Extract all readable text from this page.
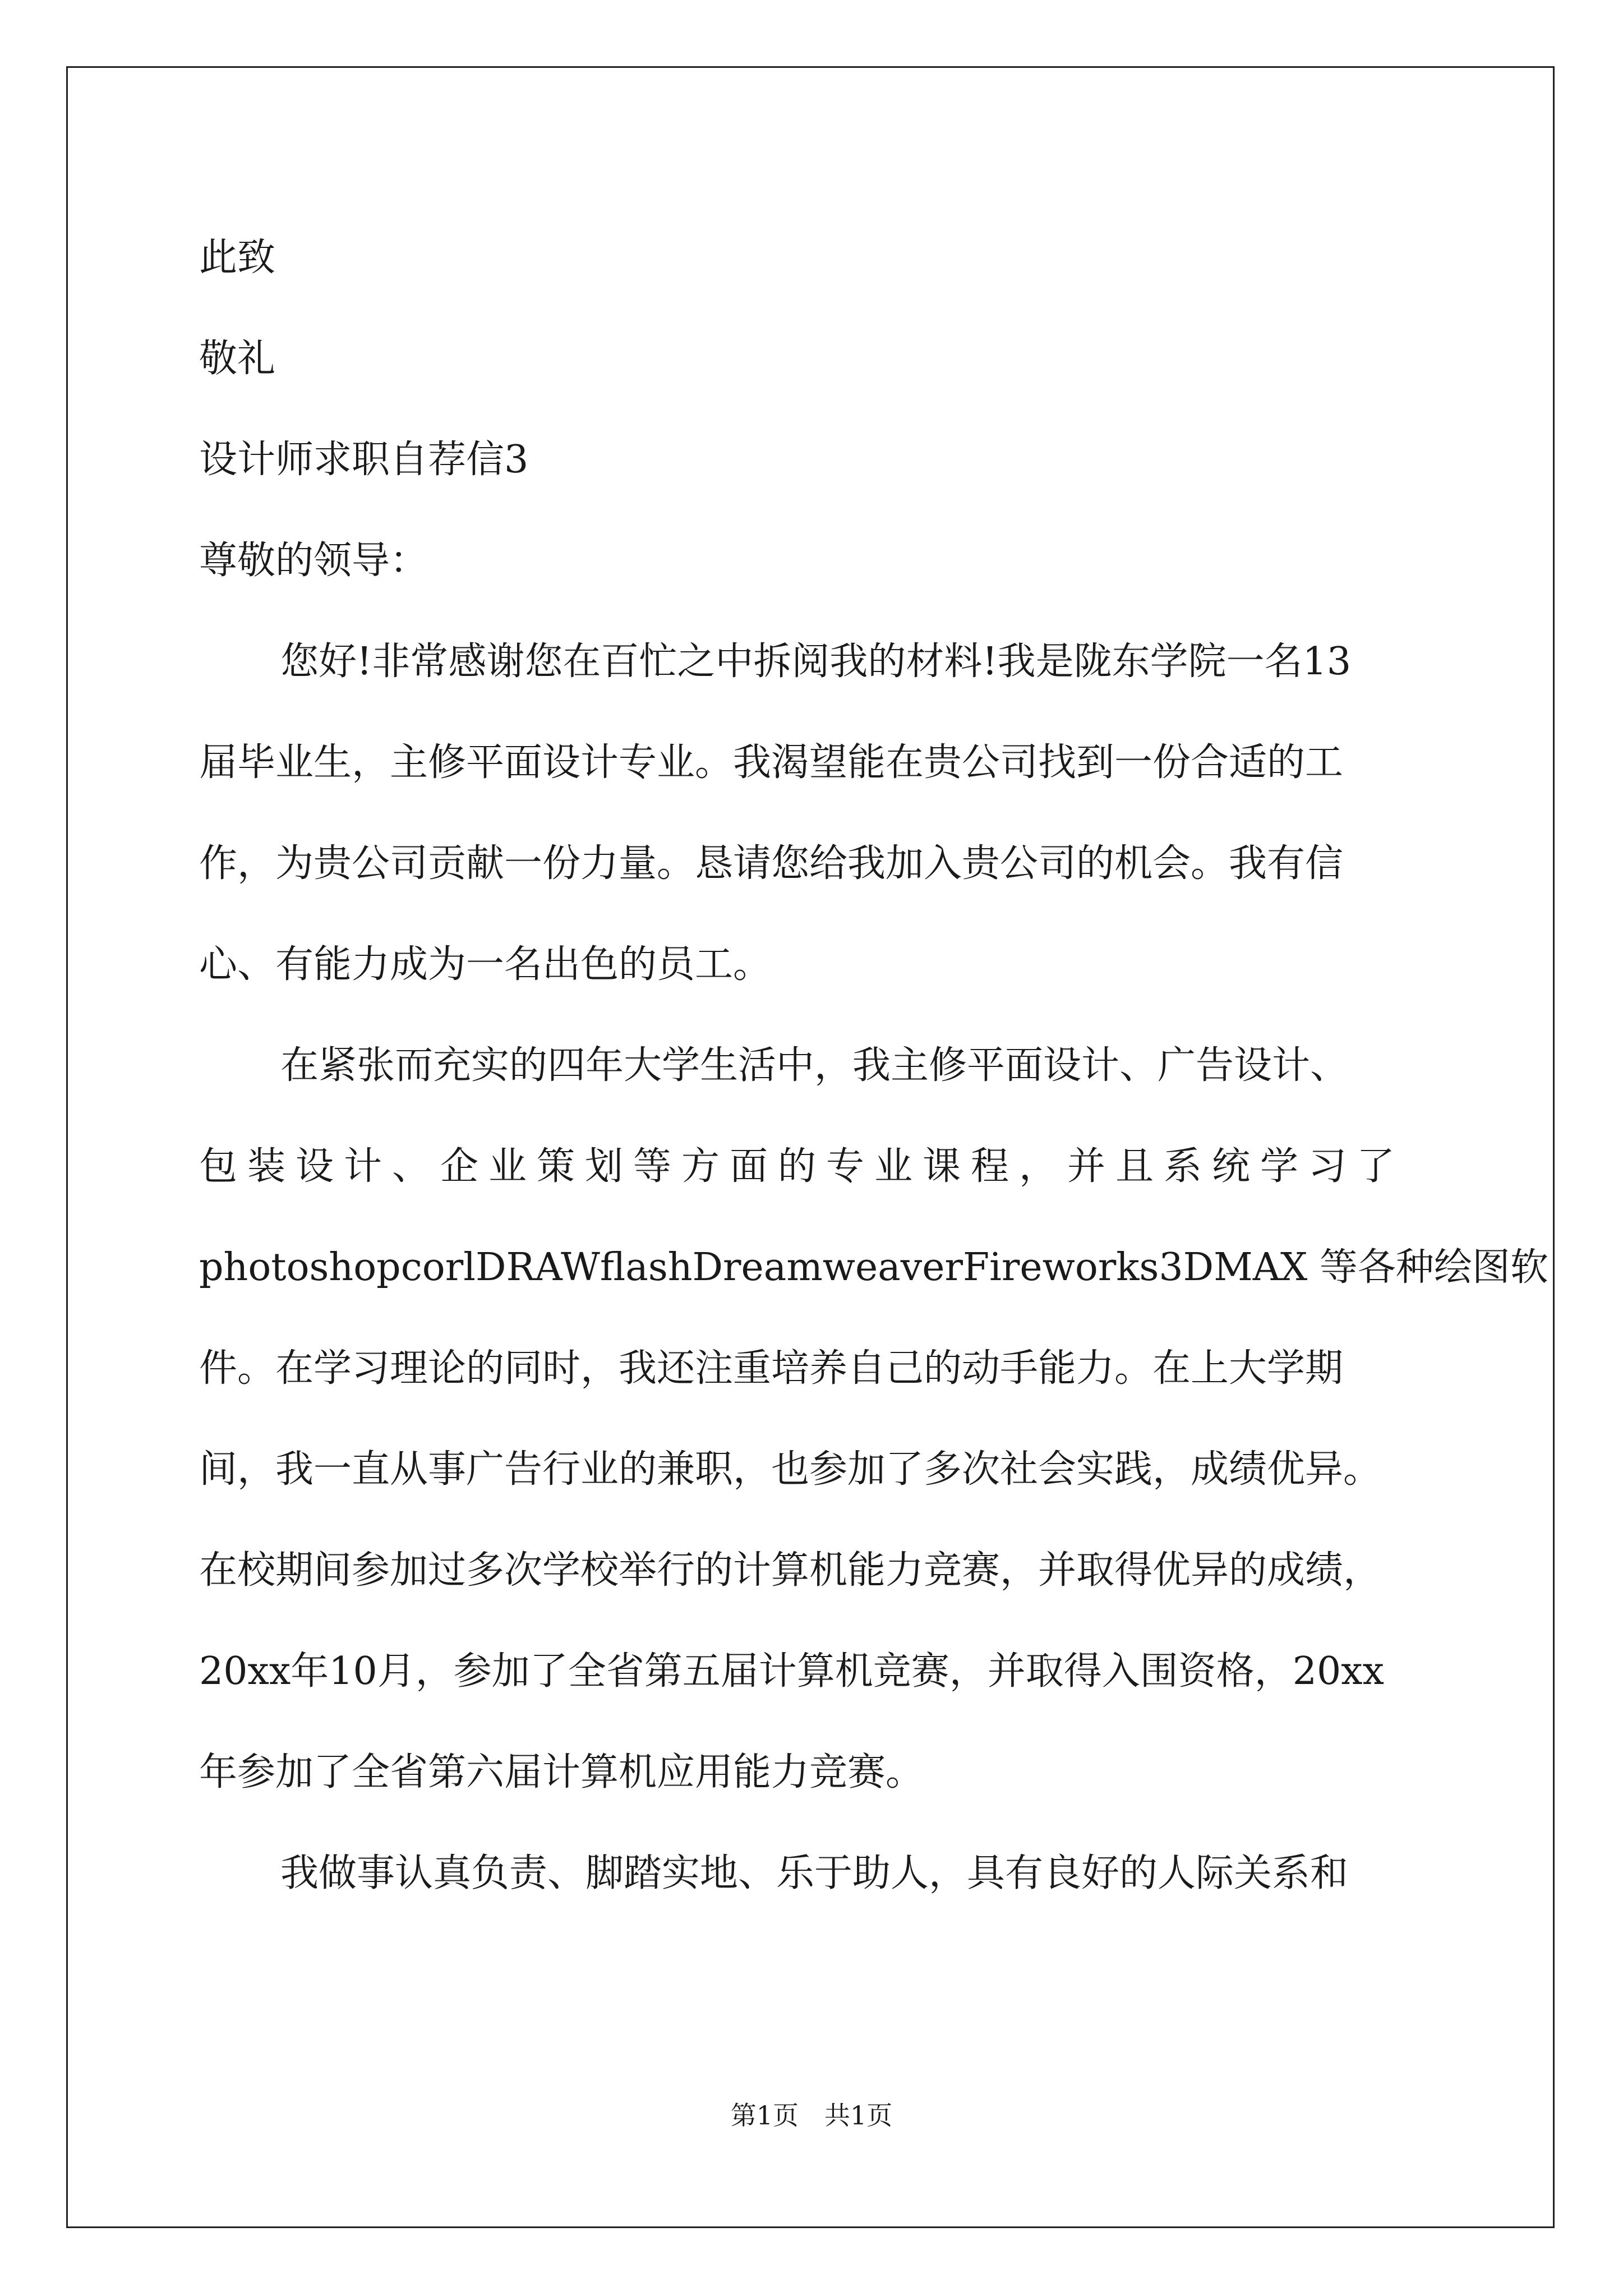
此致
敬礼
设计师求职自荐信3
尊敬的领导：
您好!非常感谢您在百忙之中拆阅我的材料!我是陇东学院一名13
届毕业生，主修平面设计专业。我渴望能在贵公司找到一份合适的工
作，为贵公司贡献一份力量。恳请您给我加入贵公司的机会。我有信
心、有能力成为一名出色的员工。
在紧张而充实的四年大学生活中，我主修平面设计、广告设计、
包装设计、企业策划等方面的专业课程，并且系统学习了
photoshopcorlDRAWflashDreamweaverFireworks3DMAX 等各种绘图软
件。在学习理论的同时，我还注重培养自己的动手能力。在上大学期
间，我一直从事广告行业的兼职，也参加了多次社会实践，成绩优异。
在校期间参加过多次学校举行的计算机能力竞赛，并取得优异的成绩，
20xx年10月，参加了全省第五届计算机竞赛，并取得入围资格，20xx
年参加了全省第六届计算机应用能力竞赛。
我做事认真负责、脚踏实地、乐于助人，具有良好的人际关系和
第1页　共1页
